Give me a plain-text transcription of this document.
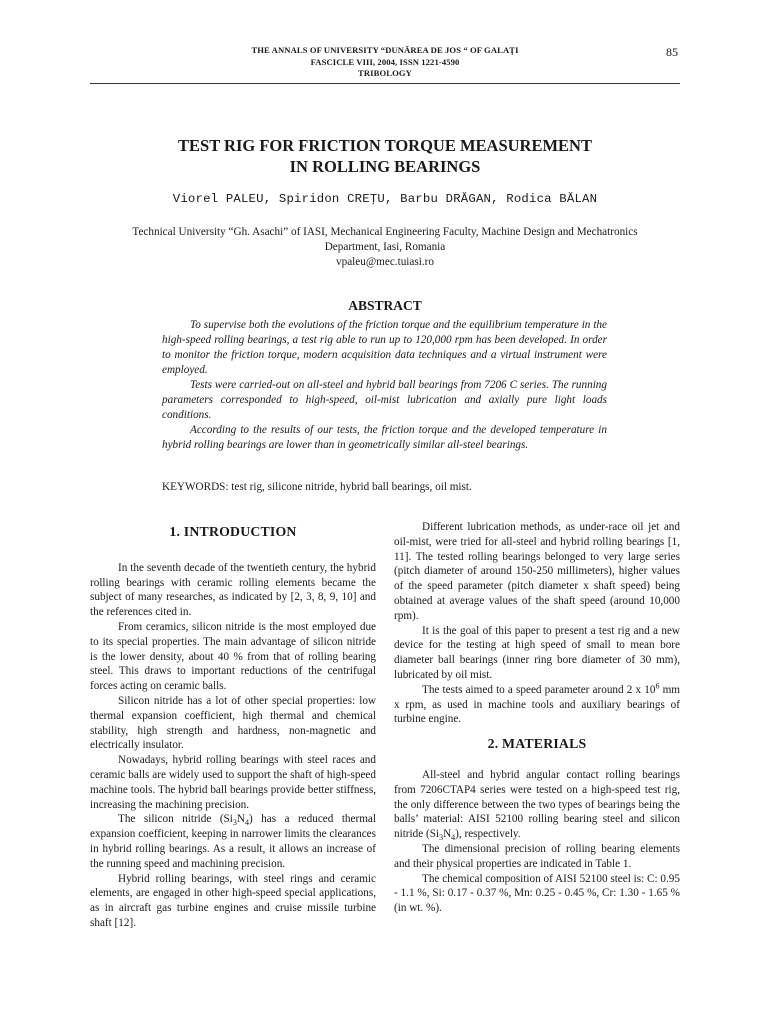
THE ANNALS OF UNIVERSITY “DUNĂREA DE JOS “ OF GALAŢI
FASCICLE VIII, 2004, ISSN 1221-4590
TRIBOLOGY
85
TEST RIG FOR FRICTION TORQUE MEASUREMENT
IN ROLLING BEARINGS
Viorel PALEU, Spiridon CREŢU, Barbu DRĂGAN, Rodica BĂLAN
Technical University “Gh. Asachi” of IASI, Mechanical Engineering Faculty, Machine Design and Mechatronics
Department, Iasi, Romania
vpaleu@mec.tuiasi.ro
ABSTRACT

To supervise both the evolutions of the friction torque and the equilibrium temperature in the high-speed rolling bearings, a test rig able to run up to 120,000 rpm has been developed. In order to monitor the friction torque, modern acquisition data techniques and a virtual instrument were employed.

Tests were carried-out on all-steel and hybrid ball bearings from 7206 C series. The running parameters corresponded to high-speed, oil-mist lubrication and axially pure light loads conditions.

According to the results of our tests, the friction torque and the developed temperature in hybrid rolling bearings are lower than in geometrically similar all-steel bearings.

KEYWORDS: test rig, silicone nitride, hybrid ball bearings, oil mist.
1. INTRODUCTION

In the seventh decade of the twentieth century, the hybrid rolling bearings with ceramic rolling elements became the subject of many researches, as indicated by [2, 3, 8, 9, 10] and the references cited in.

From ceramics, silicon nitride is the most employed due to its special properties. The main advantage of silicon nitride is the lower density, about 40 % from that of rolling bearing steel. This draws to important reductions of the centrifugal forces acting on ceramic balls.

Silicon nitride has a lot of other special properties: low thermal expansion coefficient, high thermal and chemical stability, high strength and hardness, non-magnetic and electrically insulator.

Nowadays, hybrid rolling bearings with steel races and ceramic balls are widely used to support the shaft of high-speed machine tools. The hybrid ball bearings provide better stiffness, increasing the machining precision.

The silicon nitride $(Si_3N_4)$ has a reduced thermal expansion coefficient, keeping in narrower limits the clearances in hybrid rolling bearings. As a result, it allows an increase of the running speed and machining precision.

Hybrid rolling bearings, with steel rings and ceramic elements, are engaged in other high-speed special applications, as in aircraft gas turbine engines and cruise missile turbine shaft [12].

Different lubrication methods, as under-race oil jet and oil-mist, were tried for all-steel and hybrid rolling bearings [1, 11]. The tested rolling bearings belonged to very large series (pitch diameter of around 150-250 millimeters), higher values of the speed parameter (pitch diameter x shaft speed) being obtained at average values of the shaft speed (around 10,000 rpm).

It is the goal of this paper to present a test rig and a new device for the testing at high speed of small to mean bore diameter ball bearings (inner ring bore diameter of 30 mm), lubricated by oil mist.

The tests aimed to a speed parameter around 2 x $10^6$ mm x rpm, as used in machine tools and auxiliary bearings of turbine engine.

2. MATERIALS

All-steel and hybrid angular contact rolling bearings from 7206CTAP4 series were tested on a high-speed test rig, the only difference between the two types of bearings being the balls’ material: AISI 52100 rolling bearing steel and silicon nitride $(Si_3N_4)$, respectively.

The dimensional precision of rolling bearing elements and their physical properties are indicated in Table 1.

The chemical composition of AISI 52100 steel is: C: 0.95 - 1.1 %, Si: 0.17 - 0.37 %, Mn: 0.25 - 0.45 %, Cr: 1.30 - 1.65 % (in wt. %).
